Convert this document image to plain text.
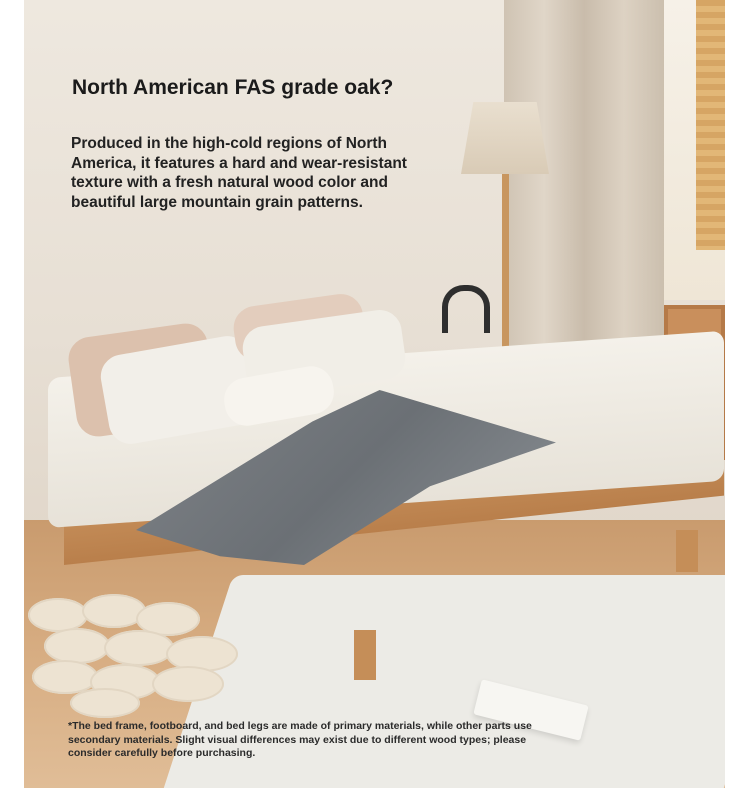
North American FAS grade oak?

Produced in the high-cold regions of North America, it features a hard and wear-resistant texture with a fresh natural wood color and beautiful large mountain grain patterns.

*The bed frame, footboard, and bed legs are made of primary materials, while other parts use secondary materials. Slight visual differences may exist due to different wood types; please consider carefully before purchasing.
